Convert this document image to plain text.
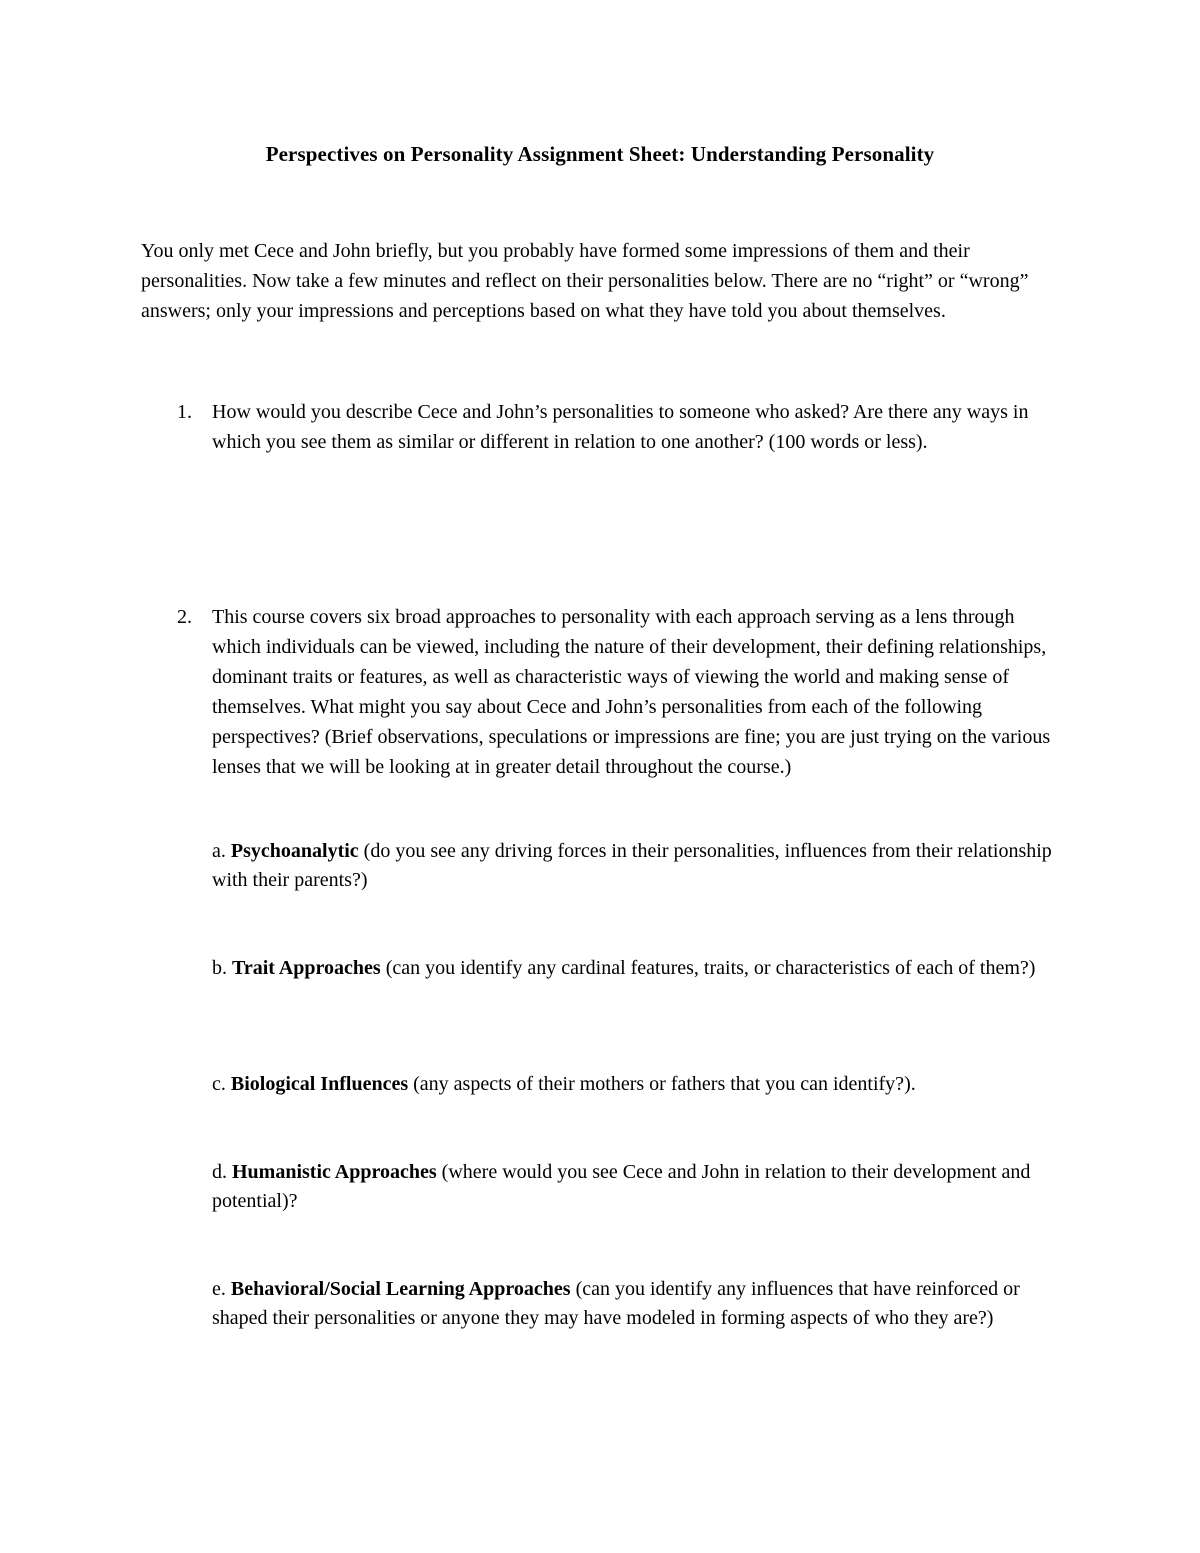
Perspectives on Personality Assignment Sheet: Understanding Personality

You only met Cece and John briefly, but you probably have formed some impressions of them and their personalities. Now take a few minutes and reflect on their personalities below. There are no “right” or “wrong” answers; only your impressions and perceptions based on what they have told you about themselves.

1. How would you describe Cece and John’s personalities to someone who asked? Are there any ways in which you see them as similar or different in relation to one another? (100 words or less).
2. This course covers six broad approaches to personality with each approach serving as a lens through which individuals can be viewed, including the nature of their development, their defining relationships, dominant traits or features, as well as characteristic ways of viewing the world and making sense of themselves. What might you say about Cece and John’s personalities from each of the following perspectives? (Brief observations, speculations or impressions are fine; you are just trying on the various lenses that we will be looking at in greater detail throughout the course.)
a. Psychoanalytic (do you see any driving forces in their personalities, influences from their relationship with their parents?)
b. Trait Approaches (can you identify any cardinal features, traits, or characteristics of each of them?)
c. Biological Influences (any aspects of their mothers or fathers that you can identify?).
d. Humanistic Approaches (where would you see Cece and John in relation to their development and potential)?
e. Behavioral/Social Learning Approaches (can you identify any influences that have reinforced or shaped their personalities or anyone they may have modeled in forming aspects of who they are?)
